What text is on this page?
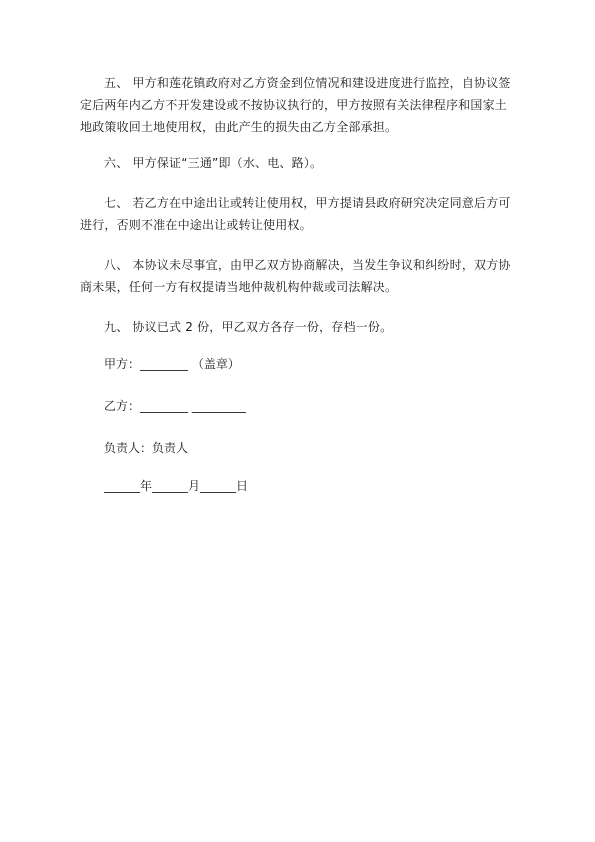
五、 甲方和莲花镇政府对乙方资金到位情况和建设进度进行监控，自协议签定后两年内乙方不开发建设或不按协议执行的，甲方按照有关法律程序和国家土地政策收回土地使用权，由此产生的损失由乙方全部承担。
六、 甲方保证“三通”即（水、电、路）。
七、 若乙方在中途出让或转让使用权，甲方提请县政府研究决定同意后方可进行，否则不准在中途出让或转让使用权。
八、 本协议未尽事宜，由甲乙双方协商解决，当发生争议和纠纷时，双方协商未果，任何一方有权提请当地仲裁机构仲裁或司法解决。
九、 协议已式 2 份，甲乙双方各存一份，存档一份。
甲方：________ （盖章）
乙方：________ _________
负责人：负责人
______年______月______日
